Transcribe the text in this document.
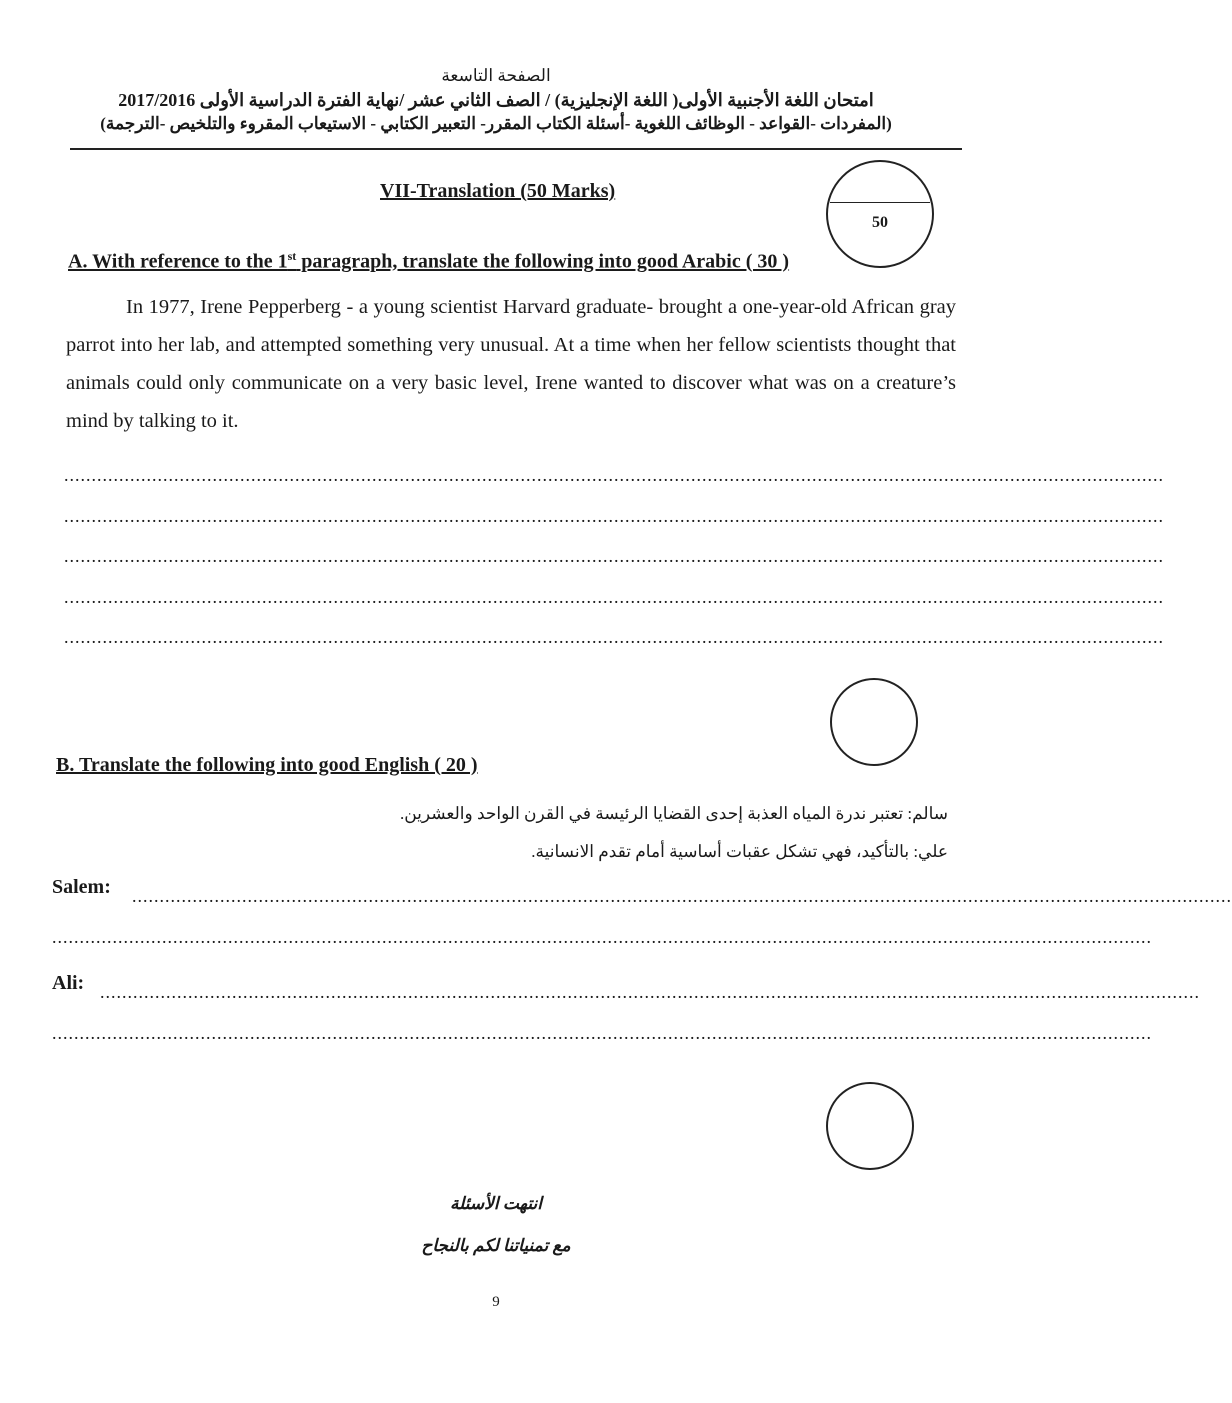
الصفحة التاسعة
امتحان اللغة الأجنبية الأولى( اللغة الإنجليزية) / الصف الثاني عشر /نهاية الفترة الدراسية الأولى 2017/2016
(المفردات -القواعد - الوظائف اللغوية -أسئلة الكتاب المقرر- التعبير الكتابي - الاستيعاب المقروء والتلخيص -الترجمة)
VII-Translation (50 Marks)
50
A. With reference to the 1st paragraph, translate the following into good Arabic ( 30 )
In 1977, Irene Pepperberg - a young scientist Harvard graduate- brought a one-year-old African gray parrot into her lab, and attempted something very unusual. At a time when her fellow scientists thought that animals could only communicate on a very basic level, Irene wanted to discover what was on a creature’s mind by talking to it.
........................................................................................................................................................................................................
........................................................................................................................................................................................................
........................................................................................................................................................................................................
........................................................................................................................................................................................................
........................................................................................................................................................................................................
B. Translate the following into good English ( 20 )
سالم: تعتبر ندرة المياه العذبة إحدى القضايا الرئيسة في القرن الواحد والعشرين.
علي: بالتأكيد، فهي تشكل عقبات أساسية أمام تقدم الانسانية.
Salem: ........................................................................................................................................................................................................
........................................................................................................................................................................................................
Ali: ........................................................................................................................................................................................................
........................................................................................................................................................................................................
انتهت الأسئلة
مع تمنياتنا لكم بالنجاح
9
